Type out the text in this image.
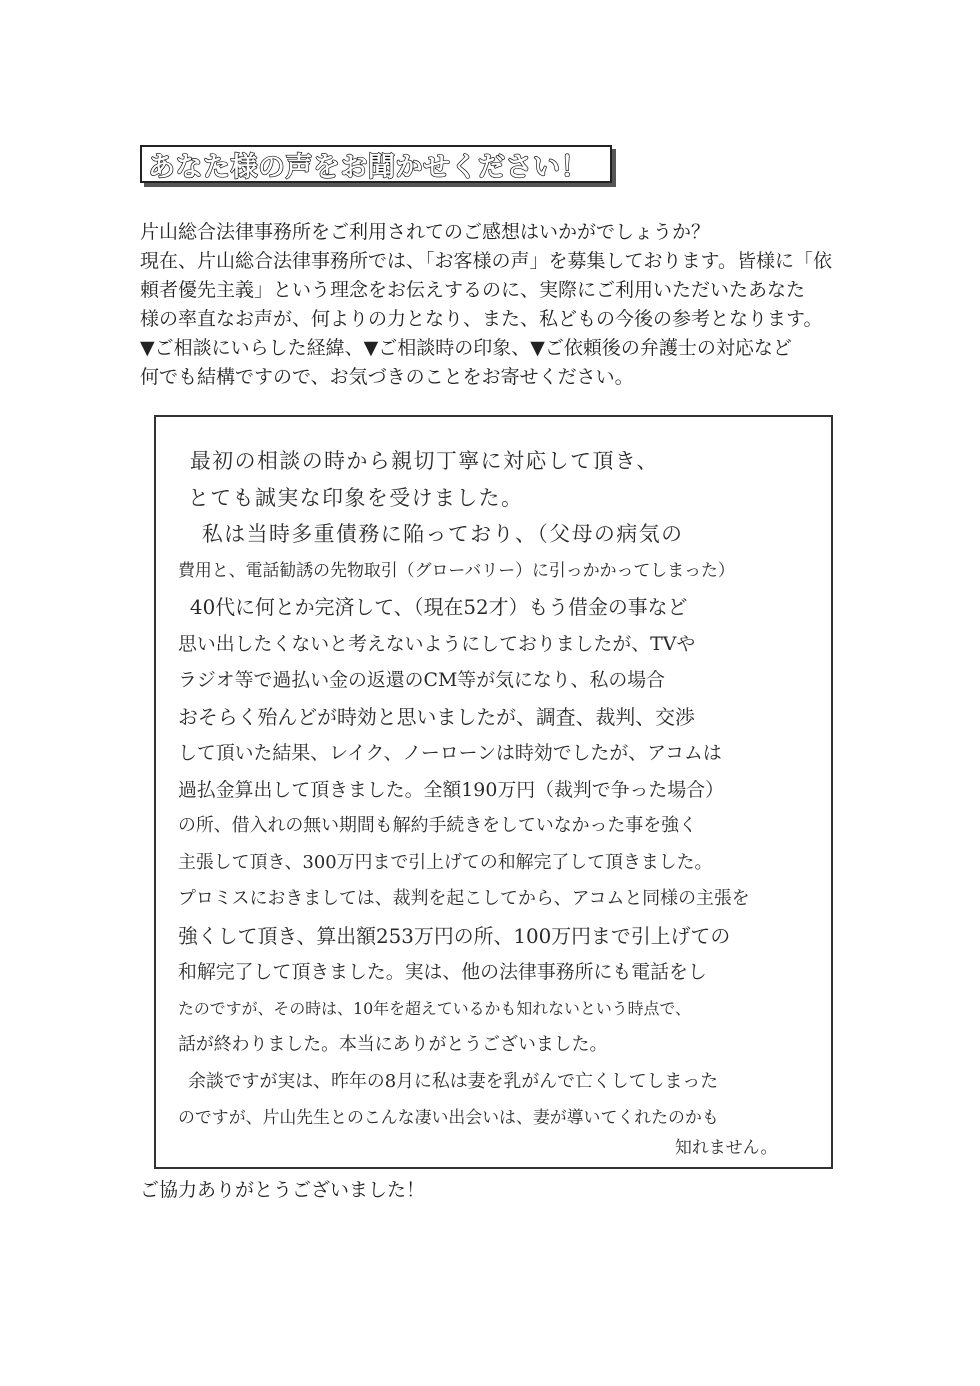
あなた様の声をお聞かせください！
片山総合法律事務所をご利用されてのご感想はいかがでしょうか？
現在、片山総合法律事務所では、「お客様の声」を募集しております。皆様に「依
頼者優先主義」という理念をお伝えするのに、実際にご利用いただいたあなた
様の率直なお声が、何よりの力となり、また、私どもの今後の参考となります。
▼ご相談にいらした経緯、▼ご相談時の印象、▼ご依頼後の弁護士の対応など
何でも結構ですので、お気づきのことをお寄せください。
最初の相談の時から親切丁寧に対応して頂き、
とても誠実な印象を受けました。
私は当時多重債務に陥っており、（父母の病気の
費用と、電話勧誘の先物取引（グローバリー）に引っかかってしまった）
40代に何とか完済して、（現在52才）もう借金の事など
思い出したくないと考えないようにしておりましたが、TVや
ラジオ等で過払い金の返還のCM等が気になり、私の場合
おそらく殆んどが時効と思いましたが、調査、裁判、交渉
して頂いた結果、レイク、ノーローンは時効でしたが、アコムは
過払金算出して頂きました。全額190万円（裁判で争った場合）
の所、借入れの無い期間も解約手続きをしていなかった事を強く
主張して頂き、300万円まで引上げての和解完了して頂きました。
プロミスにおきましては、裁判を起こしてから、アコムと同様の主張を
強くして頂き、算出額253万円の所、100万円まで引上げての
和解完了して頂きました。実は、他の法律事務所にも電話をし
たのですが、その時は、10年を超えているかも知れないという時点で、
話が終わりました。本当にありがとうございました。
余談ですが実は、昨年の8月に私は妻を乳がんで亡くしてしまった
のですが、片山先生とのこんな凄い出会いは、妻が導いてくれたのかも
知れません。
ご協力ありがとうございました！
